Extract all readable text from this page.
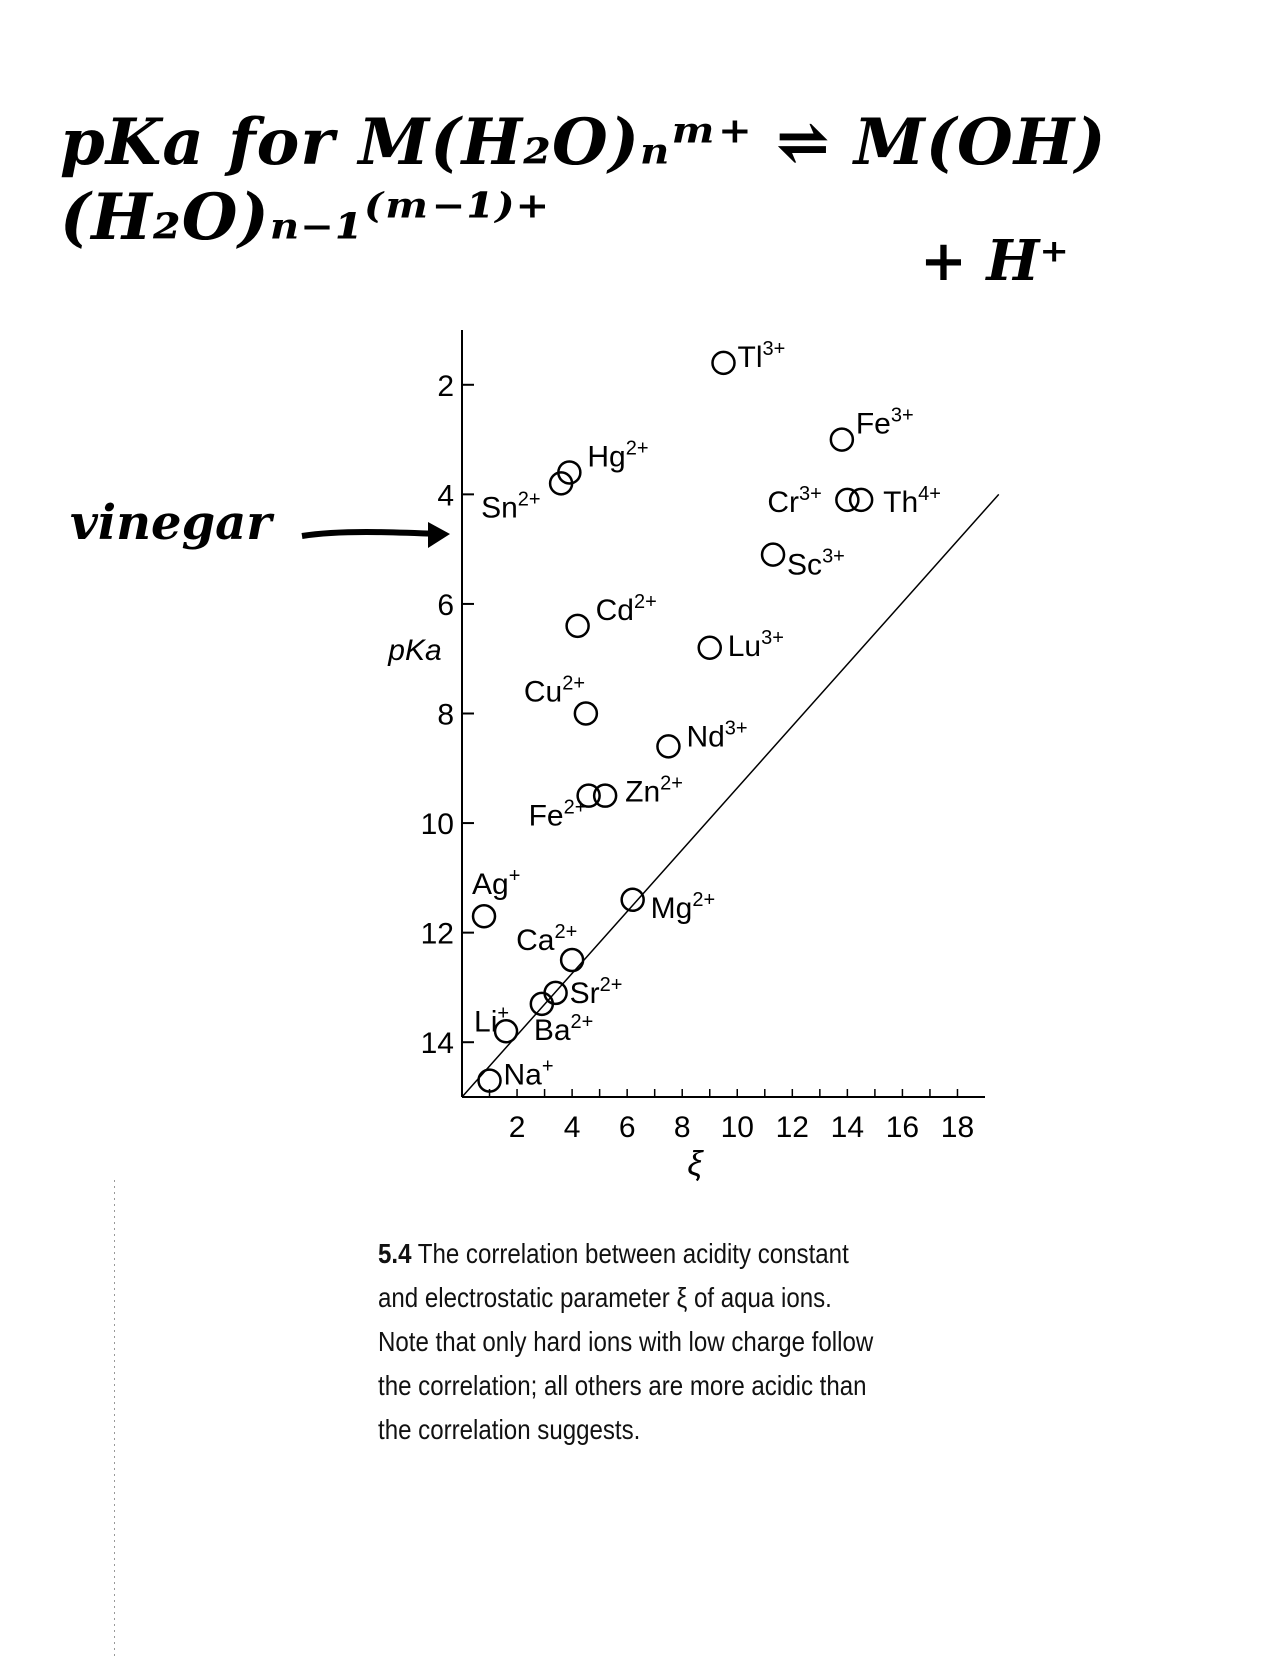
pKa for M(H₂O)ₙᵐ⁺ ⇌ M(OH)(H₂O)ₙ₋₁⁽ᵐ⁻¹⁾⁺
+ H⁺
vinegar
2
4
6
8
10
12
14
2 4 6 8 10 12 14 16 18
$Tl^{3+}$
$Fe^{3+}$
$Hg^{2+}$
$Sn^{2+}$	$Cr^{3+}$ $Th^{4+}$
$Sc^{3+}$
$Cd^{2+}$
$Lu^{3+}$
$Cu^{2+}$
$Nd^{3+}$
$Fe^{2+}$ $Zn^{2+}$
Ag+
$Mg^{2+}$
$Ca^{2+}$
$Sr^{2+}$
$Ba^{2+}$
Li+
Na+
ξ
pKa
5.4 The correlation between acidity constant and electrostatic parameter ξ of aqua ions. Note that only hard ions with low charge follow the correlation; all others are more acidic than the correlation suggests.
